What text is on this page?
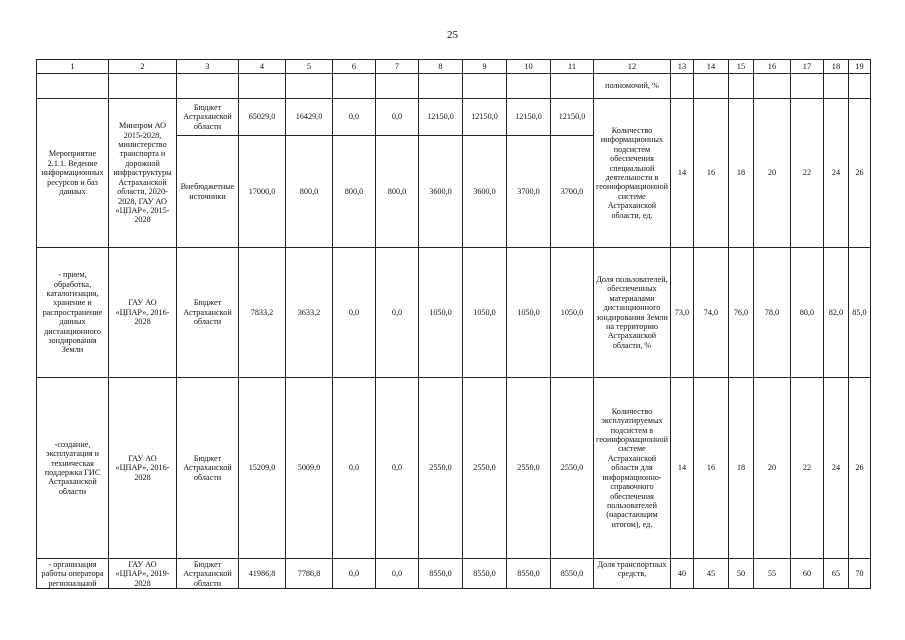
25
1	2	3	4	5	6	7	8	9	10	11	12	13	14	15	16	17	18	19
											полномочий, %							
Мероприятие 2.1.1. Ведение информационных ресурсов и баз данных	Минпром АО 2015-2028, министерство транспорта и дорожной инфраструктуры Астраханской области, 2020-2028, ГАУ АО «ЦПАР», 2015-2028	Бюджет Астраханской области	65029,0	16429,0	0,0	0,0	12150,0	12150,0	12150,0	12150,0	Количество информационных подсистем обеспечения специальной деятельности в геоинформационной системе Астраханской области, ед.	14	16	18	20	22	24	26
		Внебюджетные источники	17000,0	800,0	800,0	800,0	3600,0	3600,0	3700,0	3700,0								
- прием, обработка, каталогизация, хранение и распространение данных дистанционного зондирования Земли	ГАУ АО «ЦПАР», 2016-2028	Бюджет Астраханской области	7833,2	3633,2	0,0	0,0	1050,0	1050,0	1050,0	1050,0	Доля пользователей, обеспеченных материалами дистанционного зондирования Земли на территорию Астраханской области, %	73,0	74,0	76,0	78,0	80,0	82,0	85,0
-создание, эксплуатация и техническая поддержка ГИС Астраханской области	ГАУ АО «ЦПАР», 2016-2028	Бюджет Астраханской области	15209,0	5009,0	0,0	0,0	2550,0	2550,0	2550,0	2550,0	Количество эксплуатируемых подсистем в геоинформационной системе Астраханской области для информационно-справочного обеспечения пользователей (нарастающим итогом), ед.	14	16	18	20	22	24	26
- организация работы оператора региональной	ГАУ АО «ЦПАР», 2019-2028	Бюджет Астраханской области	41986,8	7786,8	0,0	0,0	8550,0	8550,0	8550,0	8550,0	Доля транспортных средств,	40	45	50	55	60	65	70
